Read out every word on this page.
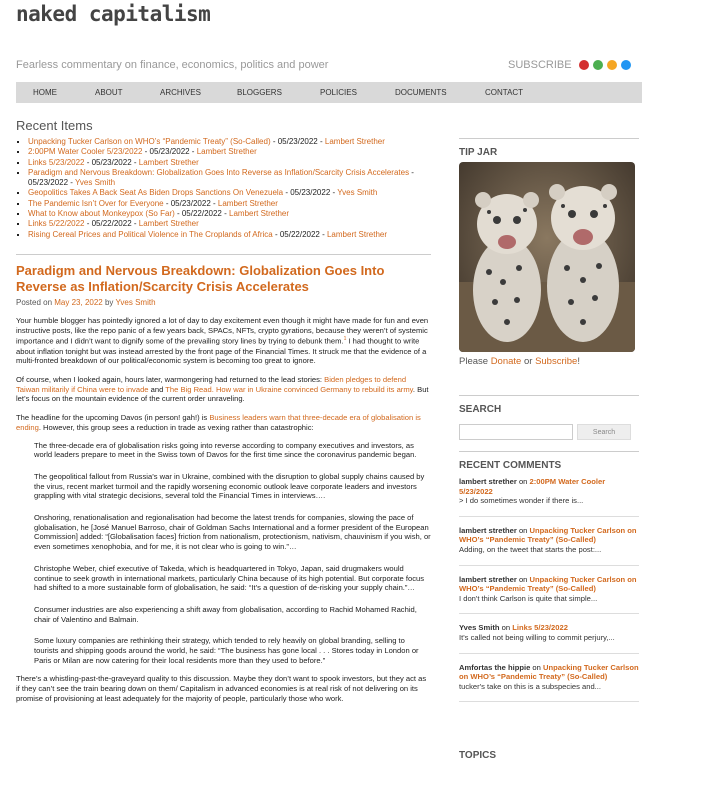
naked capitalism
Fearless commentary on finance, economics, politics and power	SUBSCRIBE
HOME	ABOUT	ARCHIVES	BLOGGERS	POLICIES	DOCUMENTS	CONTACT
Recent Items
▪ Unpacking Tucker Carlson on WHO’s “Pandemic Treaty” (So-Called) - 05/23/2022 - Lambert Strether
▪ 2:00PM Water Cooler 5/23/2022 - 05/23/2022 - Lambert Strether
▪ Links 5/23/2022 - 05/23/2022 - Lambert Strether
▪ Paradigm and Nervous Breakdown: Globalization Goes Into Reverse as Inflation/Scarcity Crisis Accelerates - 05/23/2022 - Yves Smith
▪ Geopolitics Takes A Back Seat As Biden Drops Sanctions On Venezuela - 05/23/2022 - Yves Smith
▪ The Pandemic Isn’t Over for Everyone - 05/23/2022 - Lambert Strether
▪ What to Know about Monkeypox (So Far) - 05/22/2022 - Lambert Strether
▪ Links 5/22/2022 - 05/22/2022 - Lambert Strether
▪ Rising Cereal Prices and Political Violence in The Croplands of Africa - 05/22/2022 - Lambert Strether
Paradigm and Nervous Breakdown: Globalization Goes Into Reverse as Inflation/Scarcity Crisis Accelerates
Posted on May 23, 2022 by Yves Smith

Your humble blogger has pointedly ignored a lot of day to day excitement even though it might have made for fun and even instructive posts, like the repo panic of a few years back, SPACs, NFTs, crypto gyrations, because they weren’t of systemic importance and I didn’t want to dignify some of the prevailing story lines by trying to debunk them.$^1$ I had thought to write about inflation tonight but was instead arrested by the front page of the Financial Times. It struck me that the evidence of a multi-fronted breakdown of our political/economic system is becoming too great to ignore.

Of course, when I looked again, hours later, warmongering had returned to the lead stories: Biden pledges to defend Taiwan militarily if China were to invade and The Big Read. How war in Ukraine convinced Germany to rebuild its army. But let’s focus on the mountain evidence of the current order unraveling.

The headline for the upcoming Davos (in person! gah!) is Business leaders warn that three-decade era of globalisation is ending. However, this group sees a reduction in trade as vexing rather than catastrophic:

The three-decade era of globalisation risks going into reverse according to company executives and investors, as world leaders prepare to meet in the Swiss town of Davos for the first time since the coronavirus pandemic began.

The geopolitical fallout from Russia’s war in Ukraine, combined with the disruption to global supply chains caused by the virus, recent market turmoil and the rapidly worsening economic outlook leave corporate leaders and investors grappling with vital strategic decisions, several told the Financial Times in interviews….

Onshoring, renationalisation and regionalisation had become the latest trends for companies, slowing the pace of globalisation, he [José Manuel Barroso, chair of Goldman Sachs International and a former president of the European Commission] added: “[Globalisation faces] friction from nationalism, protectionism, nativism, chauvinism if you wish, or even sometimes xenophobia, and for me, it is not clear who is going to win.”…

Christophe Weber, chief executive of Takeda, which is headquartered in Tokyo, Japan, said drugmakers would continue to seek growth in international markets, particularly China because of its high potential. But corporate focus had shifted to a more sustainable form of globalisation, he said: “It’s a question of de-risking your supply chain.”…

Consumer industries are also experiencing a shift away from globalisation, according to Rachid Mohamed Rachid, chair of Valentino and Balmain.

Some luxury companies are rethinking their strategy, which tended to rely heavily on global branding, selling to tourists and shipping goods around the world, he said: “The business has gone local . . . Stores today in London or Paris or Milan are now catering for their local residents more than they used to before.”

There’s a whistling-past-the-graveyard quality to this discussion. Maybe they don’t want to spook investors, but they act as if they can’t see the train bearing down on them/ Capitalism in advanced economies is at real risk of not delivering on its promise of provisioning at least adequately for the majority of people, particularly those who work.

TIP JAR
Please Donate or Subscribe!
SEARCH
Search
RECENT COMMENTS
lambert strether on 2:00PM Water Cooler 5/23/2022
> I do sometimes wonder if there is...
lambert strether on Unpacking Tucker Carlson on WHO’s “Pandemic Treaty” (So-Called)
Adding, on the tweet that starts the post:...
lambert strether on Unpacking Tucker Carlson on WHO’s “Pandemic Treaty” (So-Called)
I don't think Carlson is quite that simple...
Yves Smith on Links 5/23/2022
It's called not being willing to commit perjury,...
Amfortas the hippie on Unpacking Tucker Carlson on WHO’s “Pandemic Treaty” (So-Called)
tucker's take on this is a subspecies and...
TOPICS
